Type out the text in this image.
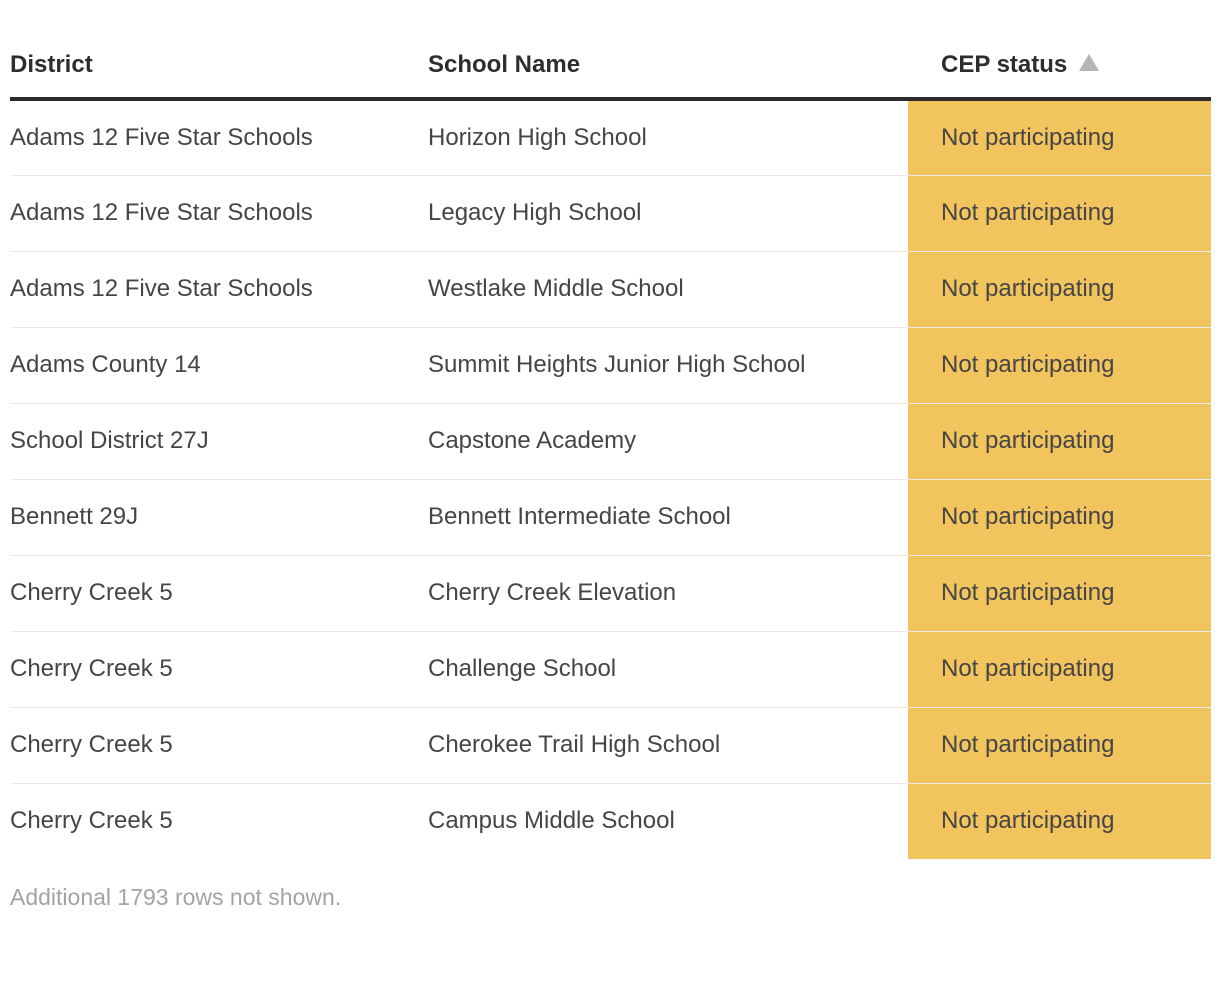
District	School Name	CEP status
Adams 12 Five Star Schools	Horizon High School	Not participating
Adams 12 Five Star Schools	Legacy High School	Not participating
Adams 12 Five Star Schools	Westlake Middle School	Not participating
Adams County 14	Summit Heights Junior High School	Not participating
School District 27J	Capstone Academy	Not participating
Bennett 29J	Bennett Intermediate School	Not participating
Cherry Creek 5	Cherry Creek Elevation	Not participating
Cherry Creek 5	Challenge School	Not participating
Cherry Creek 5	Cherokee Trail High School	Not participating
Cherry Creek 5	Campus Middle School	Not participating

Additional 1793 rows not shown.
